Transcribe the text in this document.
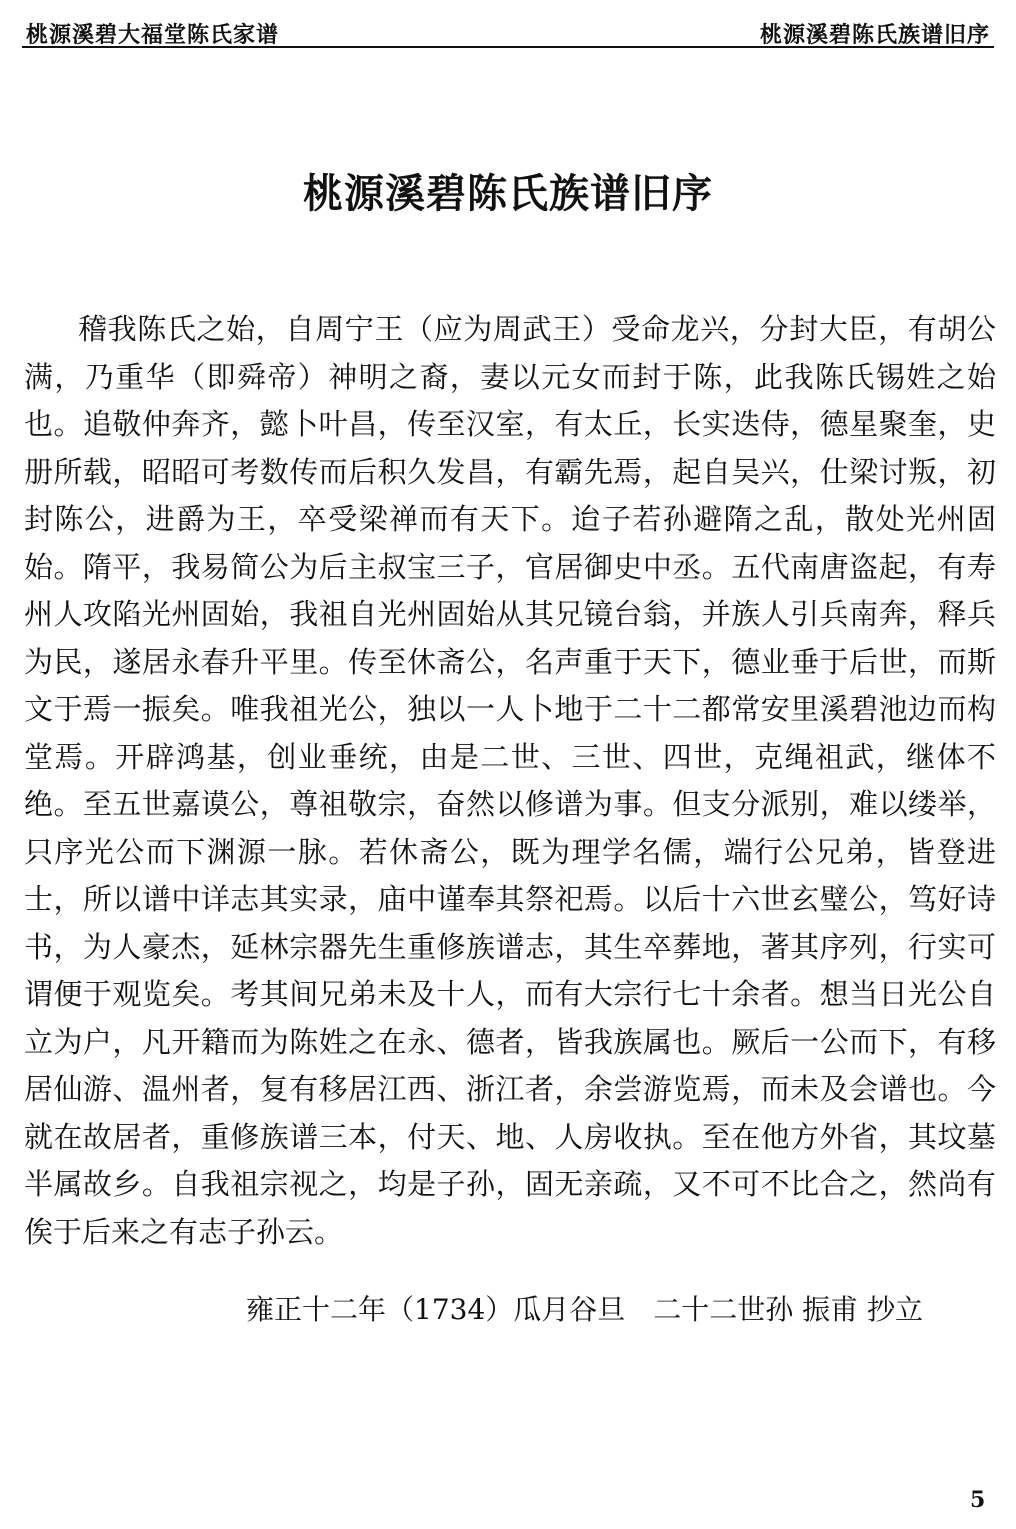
桃源溪碧大福堂陈氏家谱	桃源溪碧陈氏族谱旧序
桃源溪碧陈氏族谱旧序
稽我陈氏之始，自周宁王（应为周武王）受命龙兴，分封大臣，有胡公
满，乃重华（即舜帝）神明之裔，妻以元女而封于陈，此我陈氏锡姓之始
也。追敬仲奔齐，懿卜叶昌，传至汉室，有太丘，长实迭侍，德星聚奎，史
册所载，昭昭可考数传而后积久发昌，有霸先焉，起自吴兴，仕梁讨叛，初
封陈公，进爵为王，卒受梁禅而有天下。迨子若孙避隋之乱，散处光州固
始。隋平，我易简公为后主叔宝三子，官居御史中丞。五代南唐盗起，有寿
州人攻陷光州固始，我祖自光州固始从其兄镜台翁，并族人引兵南奔，释兵
为民，遂居永春升平里。传至休斋公，名声重于天下，德业垂于后世，而斯
文于焉一振矣。唯我祖光公，独以一人卜地于二十二都常安里溪碧池边而构
堂焉。开辟鸿基，创业垂统，由是二世、三世、四世，克绳祖武，继体不
绝。至五世嘉谟公，尊祖敬宗，奋然以修谱为事。但支分派别，难以缕举，
只序光公而下渊源一脉。若休斋公，既为理学名儒，端行公兄弟，皆登进
士，所以谱中详志其实录，庙中谨奉其祭祀焉。以后十六世玄璧公，笃好诗
书，为人豪杰，延林宗器先生重修族谱志，其生卒葬地，著其序列，行实可
谓便于观览矣。考其间兄弟未及十人，而有大宗行七十余者。想当日光公自
立为户，凡开籍而为陈姓之在永、德者，皆我族属也。厥后一公而下，有移
居仙游、温州者，复有移居江西、浙江者，余尝游览焉，而未及会谱也。今
就在故居者，重修族谱三本，付天、地、人房收执。至在他方外省，其坟墓
半属故乡。自我祖宗视之，均是子孙，固无亲疏，又不可不比合之，然尚有
俟于后来之有志子孙云。
雍正十二年（1734）瓜月谷旦　二十二世孙 振甫 抄立
5
